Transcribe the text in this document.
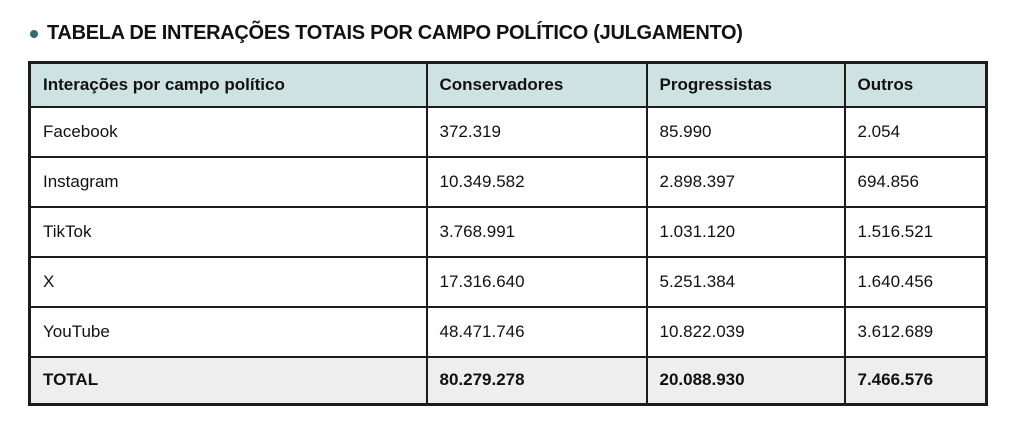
TABELA DE INTERAÇÕES TOTAIS POR CAMPO POLÍTICO (JULGAMENTO)
Interações por campo político	Conservadores	Progressistas	Outros
Facebook	372.319	85.990	2.054
Instagram	10.349.582	2.898.397	694.856
TikTok	3.768.991	1.031.120	1.516.521
X	17.316.640	5.251.384	1.640.456
YouTube	48.471.746	10.822.039	3.612.689
TOTAL	80.279.278	20.088.930	7.466.576
